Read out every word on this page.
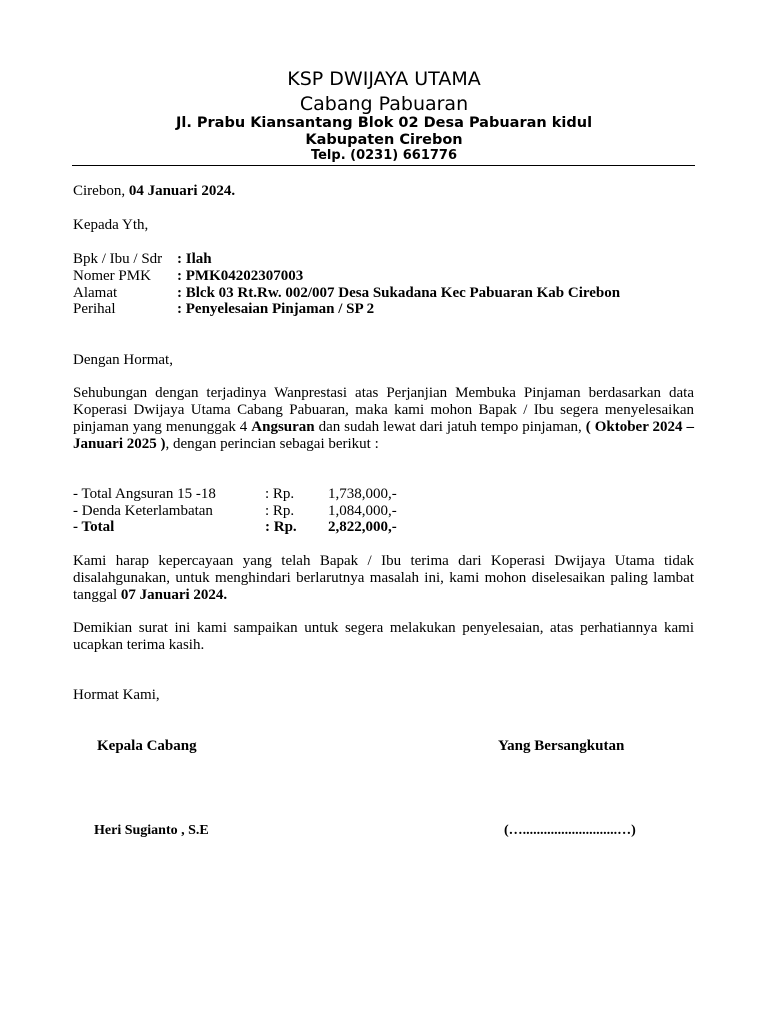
KSP DWIJAYA UTAMA
Cabang Pabuaran
Jl. Prabu Kiansantang Blok 02 Desa Pabuaran kidul
Kabupaten Cirebon
Telp. (0231) 661776
Cirebon, 04 Januari 2024.
Kepada Yth,
Bpk / Ibu / Sdr : Ilah
Nomer PMK : PMK04202307003
Alamat	: Blck 03 Rt.Rw. 002/007 Desa Sukadana Kec Pabuaran Kab Cirebon
Perihal	: Penyelesaian Pinjaman / SP 2
Dengan Hormat,
Sehubungan dengan terjadinya Wanprestasi atas Perjanjian Membuka Pinjaman berdasarkan data Koperasi Dwijaya Utama Cabang Pabuaran, maka kami mohon Bapak / Ibu segera menyelesaikan pinjaman yang menunggak 4 Angsuran dan sudah lewat dari jatuh tempo pinjaman, ( Oktober 2024 – Januari 2025 ), dengan perincian sebagai berikut :
- Total Angsuran 15 -18	: Rp. 1,738,000,-
- Denda Keterlambatan	: Rp. 1,084,000,-
- Total	: Rp. 2,822,000,-
Kami harap kepercayaan yang telah Bapak / Ibu terima dari Koperasi Dwijaya Utama tidak disalahgunakan, untuk menghindari berlarutnya masalah ini, kami mohon diselesaikan paling lambat tanggal 07 Januari 2024.
Demikian surat ini kami sampaikan untuk segera melakukan penyelesaian, atas perhatiannya kami ucapkan terima kasih.
Hormat Kami,
Kepala Cabang	Yang Bersangkutan
Heri Sugianto , S.E	(…...........................…)
